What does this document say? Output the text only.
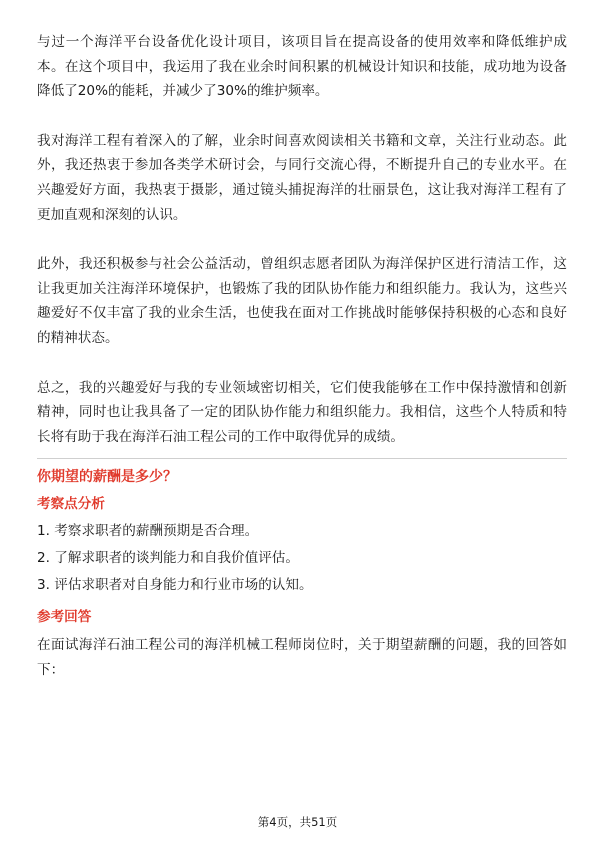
与过一个海洋平台设备优化设计项目，该项目旨在提高设备的使用效率和降低维护成本。在这个项目中，我运用了我在业余时间积累的机械设计知识和技能，成功地为设备降低了20%的能耗，并减少了30%的维护频率。

我对海洋工程有着深入的了解，业余时间喜欢阅读相关书籍和文章，关注行业动态。此外，我还热衷于参加各类学术研讨会，与同行交流心得，不断提升自己的专业水平。在兴趣爱好方面，我热衷于摄影，通过镜头捕捉海洋的壮丽景色，这让我对海洋工程有了更加直观和深刻的认识。

此外，我还积极参与社会公益活动，曾组织志愿者团队为海洋保护区进行清洁工作，这让我更加关注海洋环境保护，也锻炼了我的团队协作能力和组织能力。我认为，这些兴趣爱好不仅丰富了我的业余生活，也使我在面对工作挑战时能够保持积极的心态和良好的精神状态。

总之，我的兴趣爱好与我的专业领域密切相关，它们使我能够在工作中保持激情和创新精神，同时也让我具备了一定的团队协作能力和组织能力。我相信，这些个人特质和特长将有助于我在海洋石油工程公司的工作中取得优异的成绩。

你期望的薪酬是多少？
考察点分析
1. 考察求职者的薪酬预期是否合理。
2. 了解求职者的谈判能力和自我价值评估。
3. 评估求职者对自身能力和行业市场的认知。
参考回答

在面试海洋石油工程公司的海洋机械工程师岗位时，关于期望薪酬的问题，我的回答如下：

第4页，共51页
